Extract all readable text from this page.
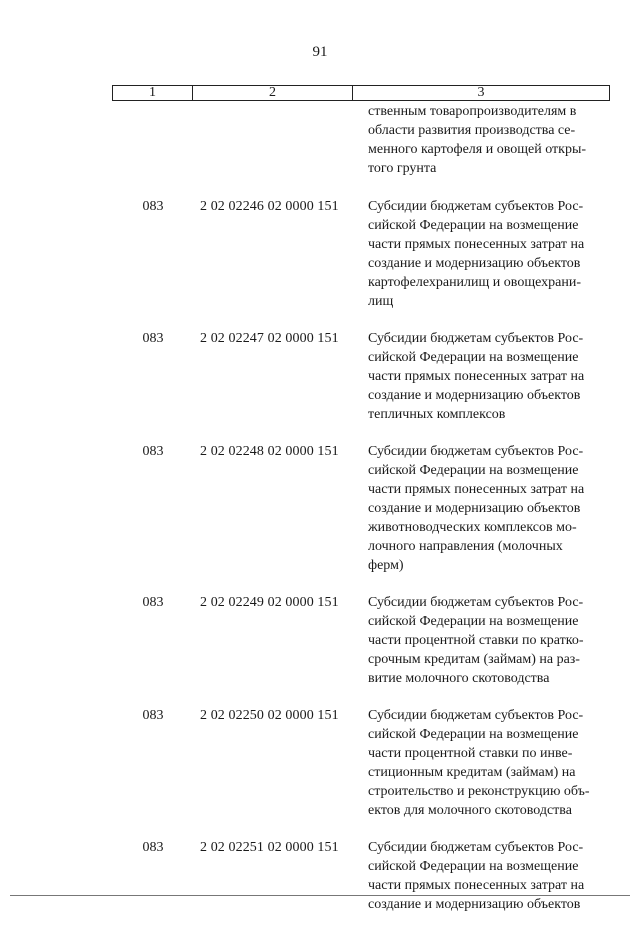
91
1	2	3
ственным товаропроизводителям в
области развития производства се-
менного картофеля и овощей откры-
того грунта
083	2 02 02246 02 0000 151	Субсидии бюджетам субъектов Рос-
сийской Федерации на возмещение
части прямых понесенных затрат на
создание и модернизацию объектов
картофелехранилищ и овощехрани-
лищ
083	2 02 02247 02 0000 151	Субсидии бюджетам субъектов Рос-
сийской Федерации на возмещение
части прямых понесенных затрат на
создание и модернизацию объектов
тепличных комплексов
083	2 02 02248 02 0000 151	Субсидии бюджетам субъектов Рос-
сийской Федерации на возмещение
части прямых понесенных затрат на
создание и модернизацию объектов
животноводческих комплексов мо-
лочного направления (молочных
ферм)
083	2 02 02249 02 0000 151	Субсидии бюджетам субъектов Рос-
сийской Федерации на возмещение
части процентной ставки по кратко-
срочным кредитам (займам) на раз-
витие молочного скотоводства
083	2 02 02250 02 0000 151	Субсидии бюджетам субъектов Рос-
сийской Федерации на возмещение
части процентной ставки по инве-
стиционным кредитам (займам) на
строительство и реконструкцию объ-
ектов для молочного скотоводства
083	2 02 02251 02 0000 151	Субсидии бюджетам субъектов Рос-
сийской Федерации на возмещение
части прямых понесенных затрат на
создание и модернизацию объектов
